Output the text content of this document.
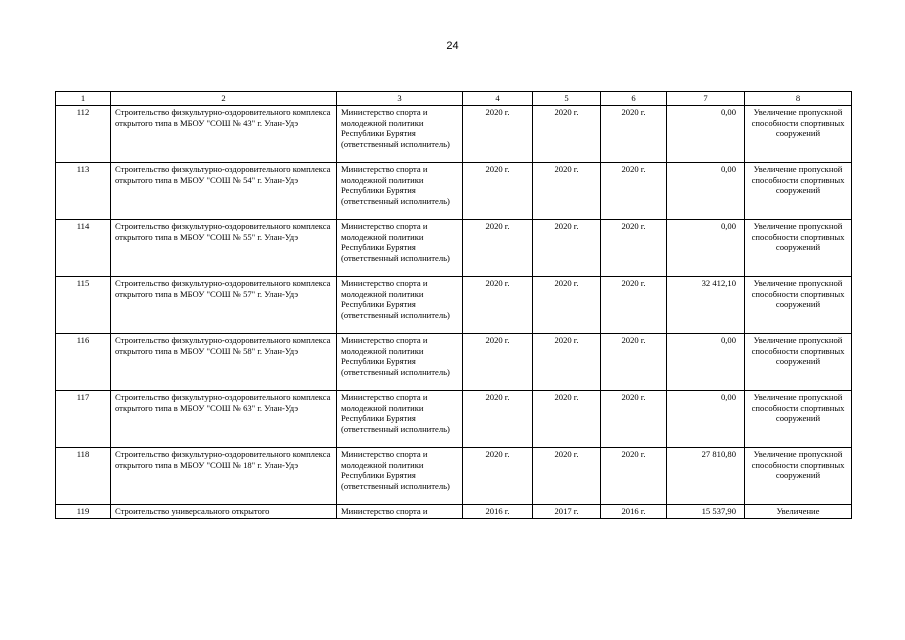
24
1	2	3	4	5	6	7	8

112	Строительство физкультурно-оздоровительного комплекса открытого типа в МБОУ "СОШ № 43" г. Улан-Удэ	Министерство спорта и молодежной политики Республики Бурятия (ответственный исполнитель)	2020 г.	2020 г.	2020 г.	0,00	Увеличение пропускной способности спортивных сооружений

113	Строительство физкультурно-оздоровительного комплекса открытого типа в МБОУ "СОШ № 54" г. Улан-Удэ	Министерство спорта и молодежной политики Республики Бурятия (ответственный исполнитель)	2020 г.	2020 г.	2020 г.	0,00	Увеличение пропускной способности спортивных сооружений

114	Строительство физкультурно-оздоровительного комплекса открытого типа в МБОУ "СОШ № 55" г. Улан-Удэ	Министерство спорта и молодежной политики Республики Бурятия (ответственный исполнитель)	2020 г.	2020 г.	2020 г.	0,00	Увеличение пропускной способности спортивных сооружений

115	Строительство физкультурно-оздоровительного комплекса открытого типа в МБОУ "СОШ № 57" г. Улан-Удэ	Министерство спорта и молодежной политики Республики Бурятия (ответственный исполнитель)	2020 г.	2020 г.	2020 г.	32 412,10	Увеличение пропускной способности спортивных сооружений

116	Строительство физкультурно-оздоровительного комплекса открытого типа в МБОУ "СОШ № 58" г. Улан-Удэ	Министерство спорта и молодежной политики Республики Бурятия (ответственный исполнитель)	2020 г.	2020 г.	2020 г.	0,00	Увеличение пропускной способности спортивных сооружений

117	Строительство физкультурно-оздоровительного комплекса открытого типа в МБОУ "СОШ № 63" г. Улан-Удэ	Министерство спорта и молодежной политики Республики Бурятия (ответственный исполнитель)	2020 г.	2020 г.	2020 г.	0,00	Увеличение пропускной способности спортивных сооружений

118	Строительство физкультурно-оздоровительного комплекса открытого типа в МБОУ "СОШ № 18" г. Улан-Удэ	Министерство спорта и молодежной политики Республики Бурятия (ответственный исполнитель)	2020 г.	2020 г.	2020 г.	27 810,80	Увеличение пропускной способности спортивных сооружений

119	Строительство универсального открытого	Министерство спорта и	2016 г.	2017 г.	2016 г.	15 537,90	Увеличение
